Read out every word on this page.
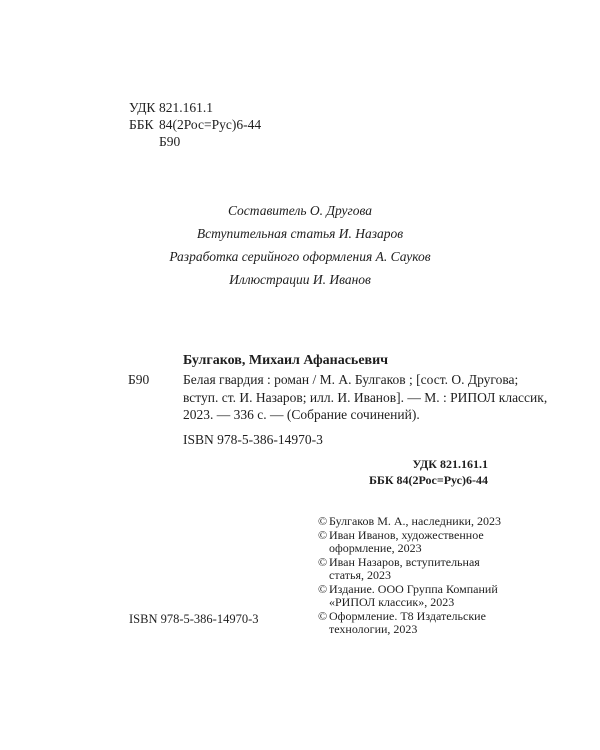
УДК 821.161.1
ББК 84(2Рос=Рус)6-44
Б90
Составитель О. Другова
Вступительная статья И. Назаров
Разработка серийного оформления А. Сауков
Иллюстрации И. Иванов
Булгаков, Михаил Афанасьевич
Б90 Белая гвардия : роман / М. А. Булгаков ; [сост. О. Другова;
вступ. ст. И. Назаров; илл. И. Иванов]. — М. : РИПОЛ классик,
2023. — 336 с. — (Собрание сочинений).
ISBN 978-5-386-14970-3
УДК 821.161.1
ББК 84(2Рос=Рус)6-44
© Булгаков М. А., наследники, 2023
© Иван Иванов, художественное
оформление, 2023
© Иван Назаров, вступительная
статья, 2023
© Издание. ООО Группа Компаний
«РИПОЛ классик», 2023
© Оформление. Т8 Издательские
технологии, 2023
ISBN 978-5-386-14970-3
